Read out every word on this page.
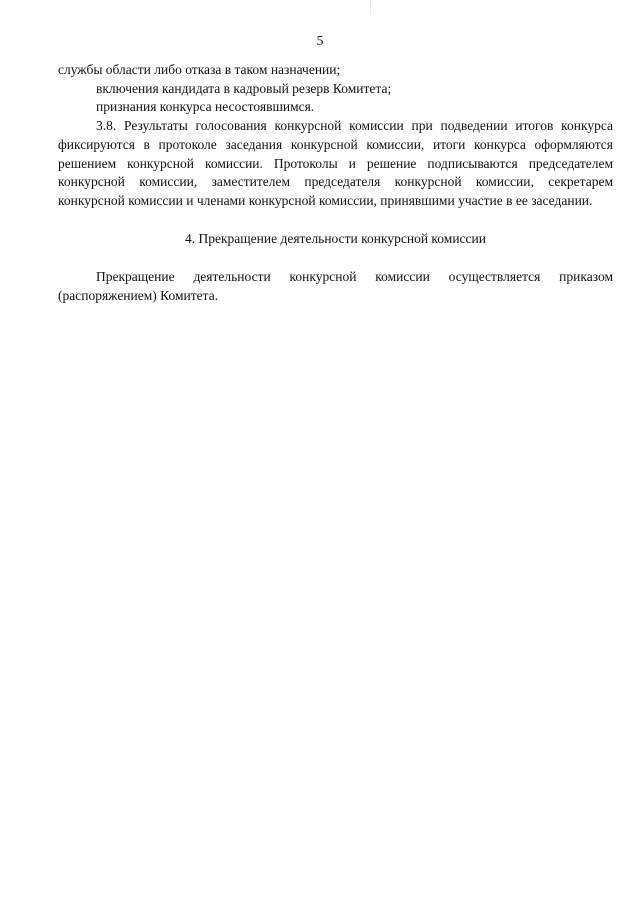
5

службы области либо отказа в таком назначении;

включения кандидата в кадровый резерв Комитета;

признания конкурса несостоявшимся.

3.8. Результаты голосования конкурсной комиссии при подведении итогов конкурса фиксируются в протоколе заседания конкурсной комиссии, итоги конкурса оформляются решением конкурсной комиссии. Протоколы и решение подписываются председателем конкурсной комиссии, заместителем председателя конкурсной комиссии, секретарем конкурсной комиссии и членами конкурсной комиссии, принявшими участие в ее заседании.

4. Прекращение деятельности конкурсной комиссии

Прекращение деятельности конкурсной комиссии осуществляется приказом (распоряжением) Комитета.
